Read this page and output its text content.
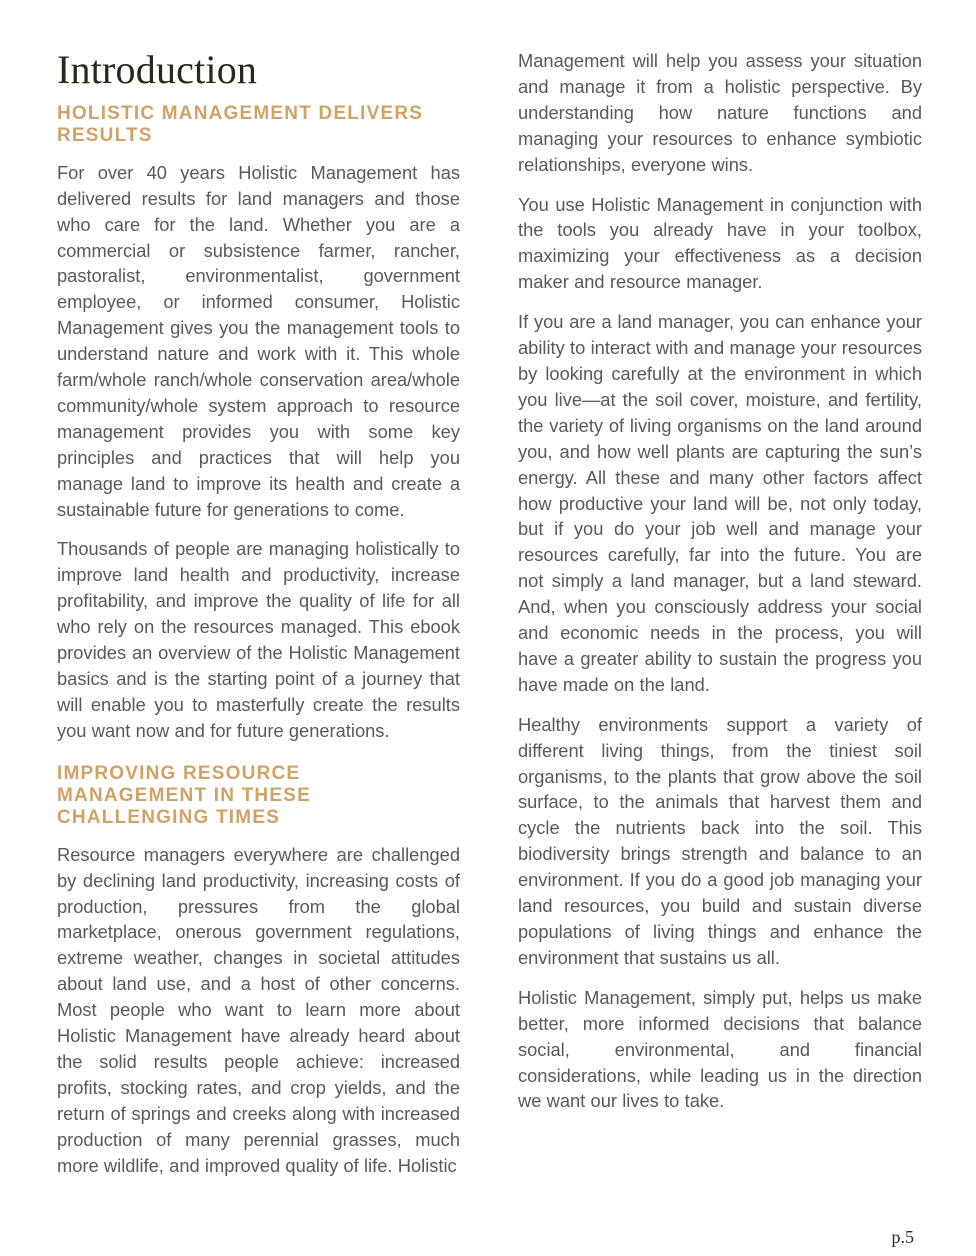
Introduction
HOLISTIC MANAGEMENT DELIVERS
RESULTS

For over 40 years Holistic Management has delivered results for land managers and those who care for the land. Whether you are a commercial or subsistence farmer, rancher, pastoralist, environmentalist, government employee, or informed consumer, Holistic Management gives you the management tools to understand nature and work with it. This whole farm/whole ranch/whole conservation area/whole community/whole system approach to resource management provides you with some key principles and practices that will help you manage land to improve its health and create a sustainable future for generations to come.

Thousands of people are managing holistically to improve land health and productivity, increase profitability, and improve the quality of life for all who rely on the resources managed. This ebook provides an overview of the Holistic Management basics and is the starting point of a journey that will enable you to masterfully create the results you want now and for future generations.

IMPROVING RESOURCE
MANAGEMENT IN THESE
CHALLENGING TIMES

Resource managers everywhere are challenged by declining land productivity, increasing costs of production, pressures from the global marketplace, onerous government regulations, extreme weather, changes in societal attitudes about land use, and a host of other concerns. Most people who want to learn more about Holistic Management have already heard about the solid results people achieve: increased profits, stocking rates, and crop yields, and the return of springs and creeks along with increased production of many perennial grasses, much more wildlife, and improved quality of life. Holistic

Management will help you assess your situation and manage it from a holistic perspective. By understanding how nature functions and managing your resources to enhance symbiotic relationships, everyone wins.

You use Holistic Management in conjunction with the tools you already have in your toolbox, maximizing your effectiveness as a decision maker and resource manager.

If you are a land manager, you can enhance your ability to interact with and manage your resources by looking carefully at the environment in which you live—at the soil cover, moisture, and fertility, the variety of living organisms on the land around you, and how well plants are capturing the sun’s energy. All these and many other factors affect how productive your land will be, not only today, but if you do your job well and manage your resources carefully, far into the future. You are not simply a land manager, but a land steward. And, when you consciously address your social and economic needs in the process, you will have a greater ability to sustain the progress you have made on the land.

Healthy environments support a variety of different living things, from the tiniest soil organisms, to the plants that grow above the soil surface, to the animals that harvest them and cycle the nutrients back into the soil. This biodiversity brings strength and balance to an environment. If you do a good job managing your land resources, you build and sustain diverse populations of living things and enhance the environment that sustains us all.

Holistic Management, simply put, helps us make better, more informed decisions that balance social, environmental, and financial considerations, while leading us in the direction we want our lives to take.

p.5
